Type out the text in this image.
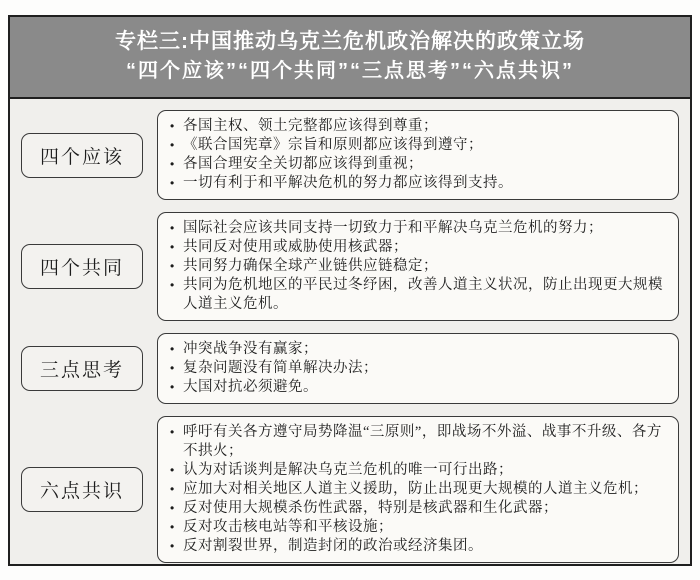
专栏三:中国推动乌克兰危机政治解决的政策立场
“四个应该”“四个共同”“三点思考”“六点共识”
四个应该
• 各国主权、领土完整都应该得到尊重；
• 《联合国宪章》宗旨和原则都应该得到遵守；
• 各国合理安全关切都应该得到重视；
• 一切有利于和平解决危机的努力都应该得到支持。
四个共同
• 国际社会应该共同支持一切致力于和平解决乌克兰危机的努力；
• 共同反对使用或威胁使用核武器；
• 共同努力确保全球产业链供应链稳定；
• 共同为危机地区的平民过冬纾困，改善人道主义状况，防止出现更大规模人道主义危机。
三点思考
• 冲突战争没有赢家；
• 复杂问题没有简单解决办法；
• 大国对抗必须避免。
六点共识
• 呼吁有关各方遵守局势降温“三原则”，即战场不外溢、战事不升级、各方不拱火；
• 认为对话谈判是解决乌克兰危机的唯一可行出路；
• 应加大对相关地区人道主义援助，防止出现更大规模的人道主义危机；
• 反对使用大规模杀伤性武器，特别是核武器和生化武器；
• 反对攻击核电站等和平核设施；
• 反对割裂世界，制造封闭的政治或经济集团。
